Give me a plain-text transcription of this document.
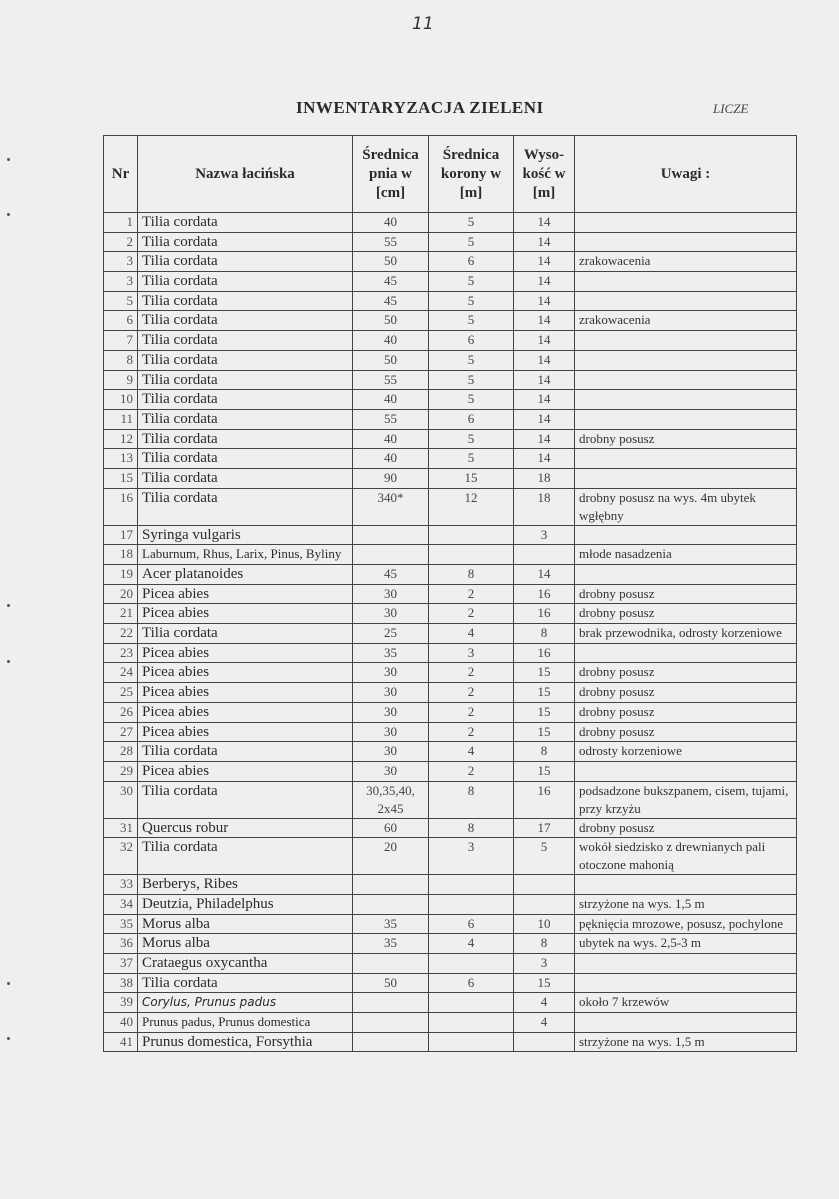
11
INWENTARYZACJA ZIELENI	LICZE
Nr	Nazwa łacińska	Średnica pnia w [cm]	Średnica korony w [m]	Wyso-kość w [m]	Uwagi :
1	Tilia cordata	40	5	14	
2	Tilia cordata	55	5	14	
3	Tilia cordata	50	6	14	zrakowacenia
3	Tilia cordata	45	5	14	
5	Tilia cordata	45	5	14	
6	Tilia cordata	50	5	14	zrakowacenia
7	Tilia cordata	40	6	14	
8	Tilia cordata	50	5	14	
9	Tilia cordata	55	5	14	
10	Tilia cordata	40	5	14	
11	Tilia cordata	55	6	14	
12	Tilia cordata	40	5	14	drobny posusz
13	Tilia cordata	40	5	14	
15	Tilia cordata	90	15	18	
16	Tilia cordata	340*	12	18	drobny posusz na wys. 4m ubytek wgłębny
17	Syringa vulgaris			3	
18	Laburnum, Rhus, Larix, Pinus, Byliny				młode nasadzenia
19	Acer platanoides	45	8	14	
20	Picea abies	30	2	16	drobny posusz
21	Picea abies	30	2	16	drobny posusz
22	Tilia cordata	25	4	8	brak przewodnika, odrosty korzeniowe
23	Picea abies	35	3	16	
24	Picea abies	30	2	15	drobny posusz
25	Picea abies	30	2	15	drobny posusz
26	Picea abies	30	2	15	drobny posusz
27	Picea abies	30	2	15	drobny posusz
28	Tilia cordata	30	4	8	odrosty korzeniowe
29	Picea abies	30	2	15	
30	Tilia cordata	30,35,40, 2x45	8	16	podsadzone bukszpanem, cisem, tujami, przy krzyżu
31	Quercus robur	60	8	17	drobny posusz
32	Tilia cordata	20	3	5	wokół siedzisko z drewnianych pali otoczone mahonią
33	Berberys, Ribes				
34	Deutzia, Philadelphus				strzyżone na wys. 1,5 m
35	Morus alba	35	6	10	pęknięcia mrozowe, posusz, pochylone
36	Morus alba	35	4	8	ubytek na wys. 2,5-3 m
37	Crataegus oxycantha			3	
38	Tilia cordata	50	6	15	
39	Corylus, Prunus padus			4	około 7 krzewów
40	Prunus padus, Prunus domestica			4	
41	Prunus domestica, Forsythia				strzyżone na wys. 1,5 m
